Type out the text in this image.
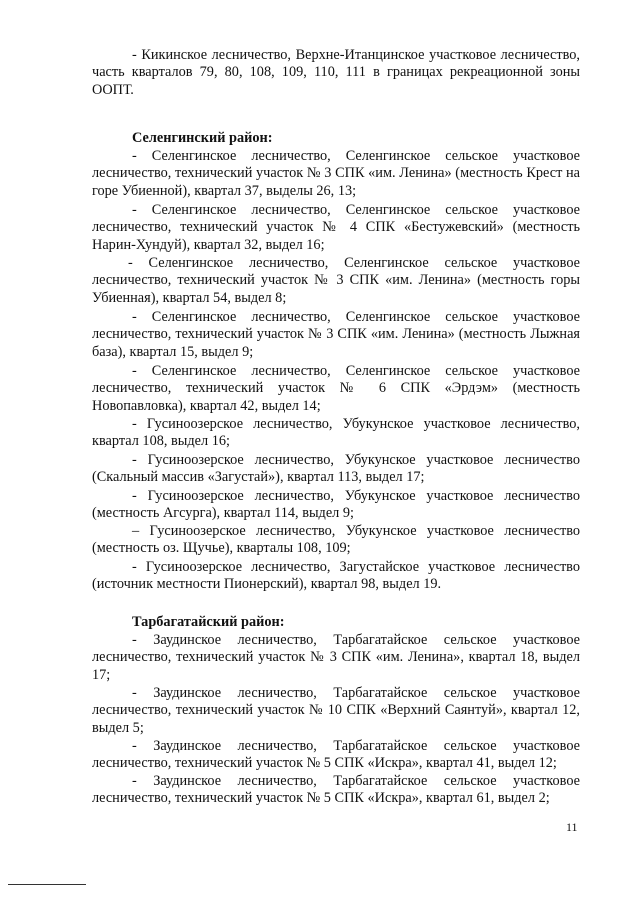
- Кикинское лесничество, Верхне-Итанцинское участковое лесничество, часть кварталов 79, 80, 108, 109, 110, 111 в границах рекреационной зоны ООПТ.

Селенгинский район:

- Селенгинское лесничество, Селенгинское сельское участковое лесничество, технический участок № 3 СПК «им. Ленина» (местность Крест на горе Убиенной), квартал 37, выделы 26, 13;

- Селенгинское лесничество, Селенгинское сельское участковое лесничество, технический участок № 4 СПК «Бестужевский» (местность Нарин-Хундуй), квартал 32, выдел 16;

- Селенгинское лесничество, Селенгинское сельское участковое лесничество, технический участок № 3 СПК «им. Ленина» (местность горы Убиенная), квартал 54, выдел 8;

- Селенгинское лесничество, Селенгинское сельское участковое лесничество, технический участок № 3 СПК «им. Ленина» (местность Лыжная база), квартал 15, выдел 9;

- Селенгинское лесничество, Селенгинское сельское участковое лесничество, технический участок № 6 СПК «Эрдэм» (местность Новопавловка), квартал 42, выдел 14;

- Гусиноозерское лесничество, Убукунское участковое лесничество, квартал 108, выдел 16;

- Гусиноозерское лесничество, Убукунское участковое лесничество (Скальный массив «Загустай»), квартал 113, выдел 17;

- Гусиноозерское лесничество, Убукунское участковое лесничество (местность Агсурга), квартал 114, выдел 9;

– Гусиноозерское лесничество, Убукунское участковое лесничество (местность оз. Щучье), кварталы 108, 109;

- Гусиноозерское лесничество, Загустайское участковое лесничество (источник местности Пионерский), квартал 98, выдел 19.

Тарбагатайский район:

- Заудинское лесничество, Тарбагатайское сельское участковое лесничество, технический участок № 3 СПК «им. Ленина», квартал 18, выдел 17;

- Заудинское лесничество, Тарбагатайское сельское участковое лесничество, технический участок № 10 СПК «Верхний Саянтуй», квартал 12, выдел 5;

- Заудинское лесничество, Тарбагатайское сельское участковое лесничество, технический участок № 5 СПК «Искра», квартал 41, выдел 12;

- Заудинское лесничество, Тарбагатайское сельское участковое лесничество, технический участок № 5 СПК «Искра», квартал 61, выдел 2;

11
